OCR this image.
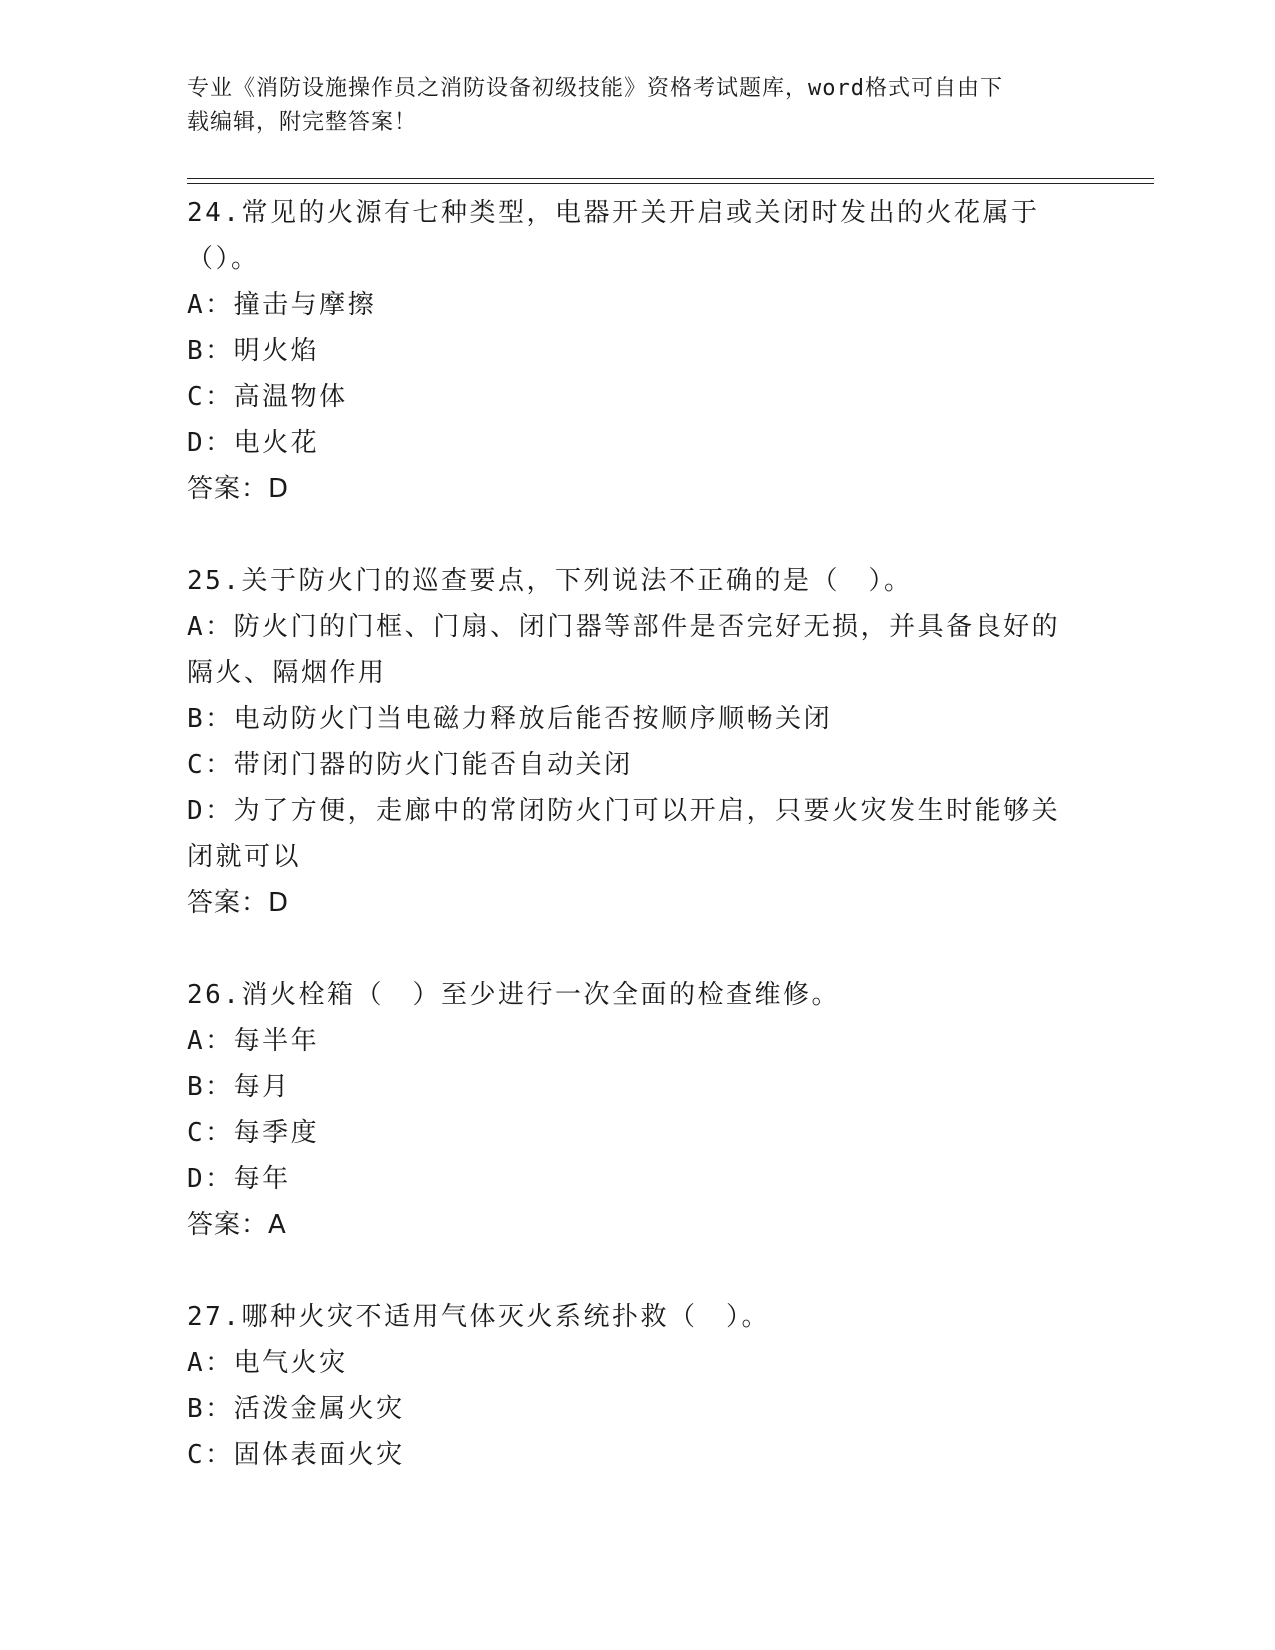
专业《消防设施操作员之消防设备初级技能》资格考试题库，word格式可自由下
载编辑，附完整答案！
24.常见的火源有七种类型，电器开关开启或关闭时发出的火花属于（）。
A：撞击与摩擦
B：明火焰
C：高温物体
D：电火花
答案：D
25.关于防火门的巡查要点，下列说法不正确的是（　）。
A：防火门的门框、门扇、闭门器等部件是否完好无损，并具备良好的隔火、隔烟作用
B：电动防火门当电磁力释放后能否按顺序顺畅关闭
C：带闭门器的防火门能否自动关闭
D：为了方便，走廊中的常闭防火门可以开启，只要火灾发生时能够关闭就可以
答案：D
26.消火栓箱（　）至少进行一次全面的检查维修。
A：每半年
B：每月
C：每季度
D：每年
答案：A
27.哪种火灾不适用气体灭火系统扑救（　）。
A：电气火灾
B：活泼金属火灾
C：固体表面火灾
